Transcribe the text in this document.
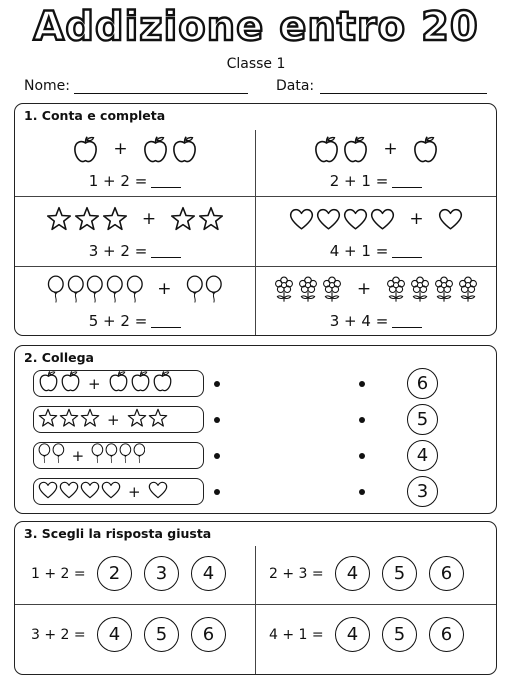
Addizione entro 20
Classe 1
Nome:	Data:
1. Conta e completa
+
1 + 2 =
+
2 + 1 =
+
3 + 2 =
+
4 + 1 =
+
5 + 2 =
+
3 + 4 =
2. Collega
+	6
+	5
+	4
+	3
3. Scegli la risposta giusta
1 + 2 =	2	3	4	2 + 3 =	4	5	6
3 + 2 =	4	5	6	4 + 1 =	4	5	6
